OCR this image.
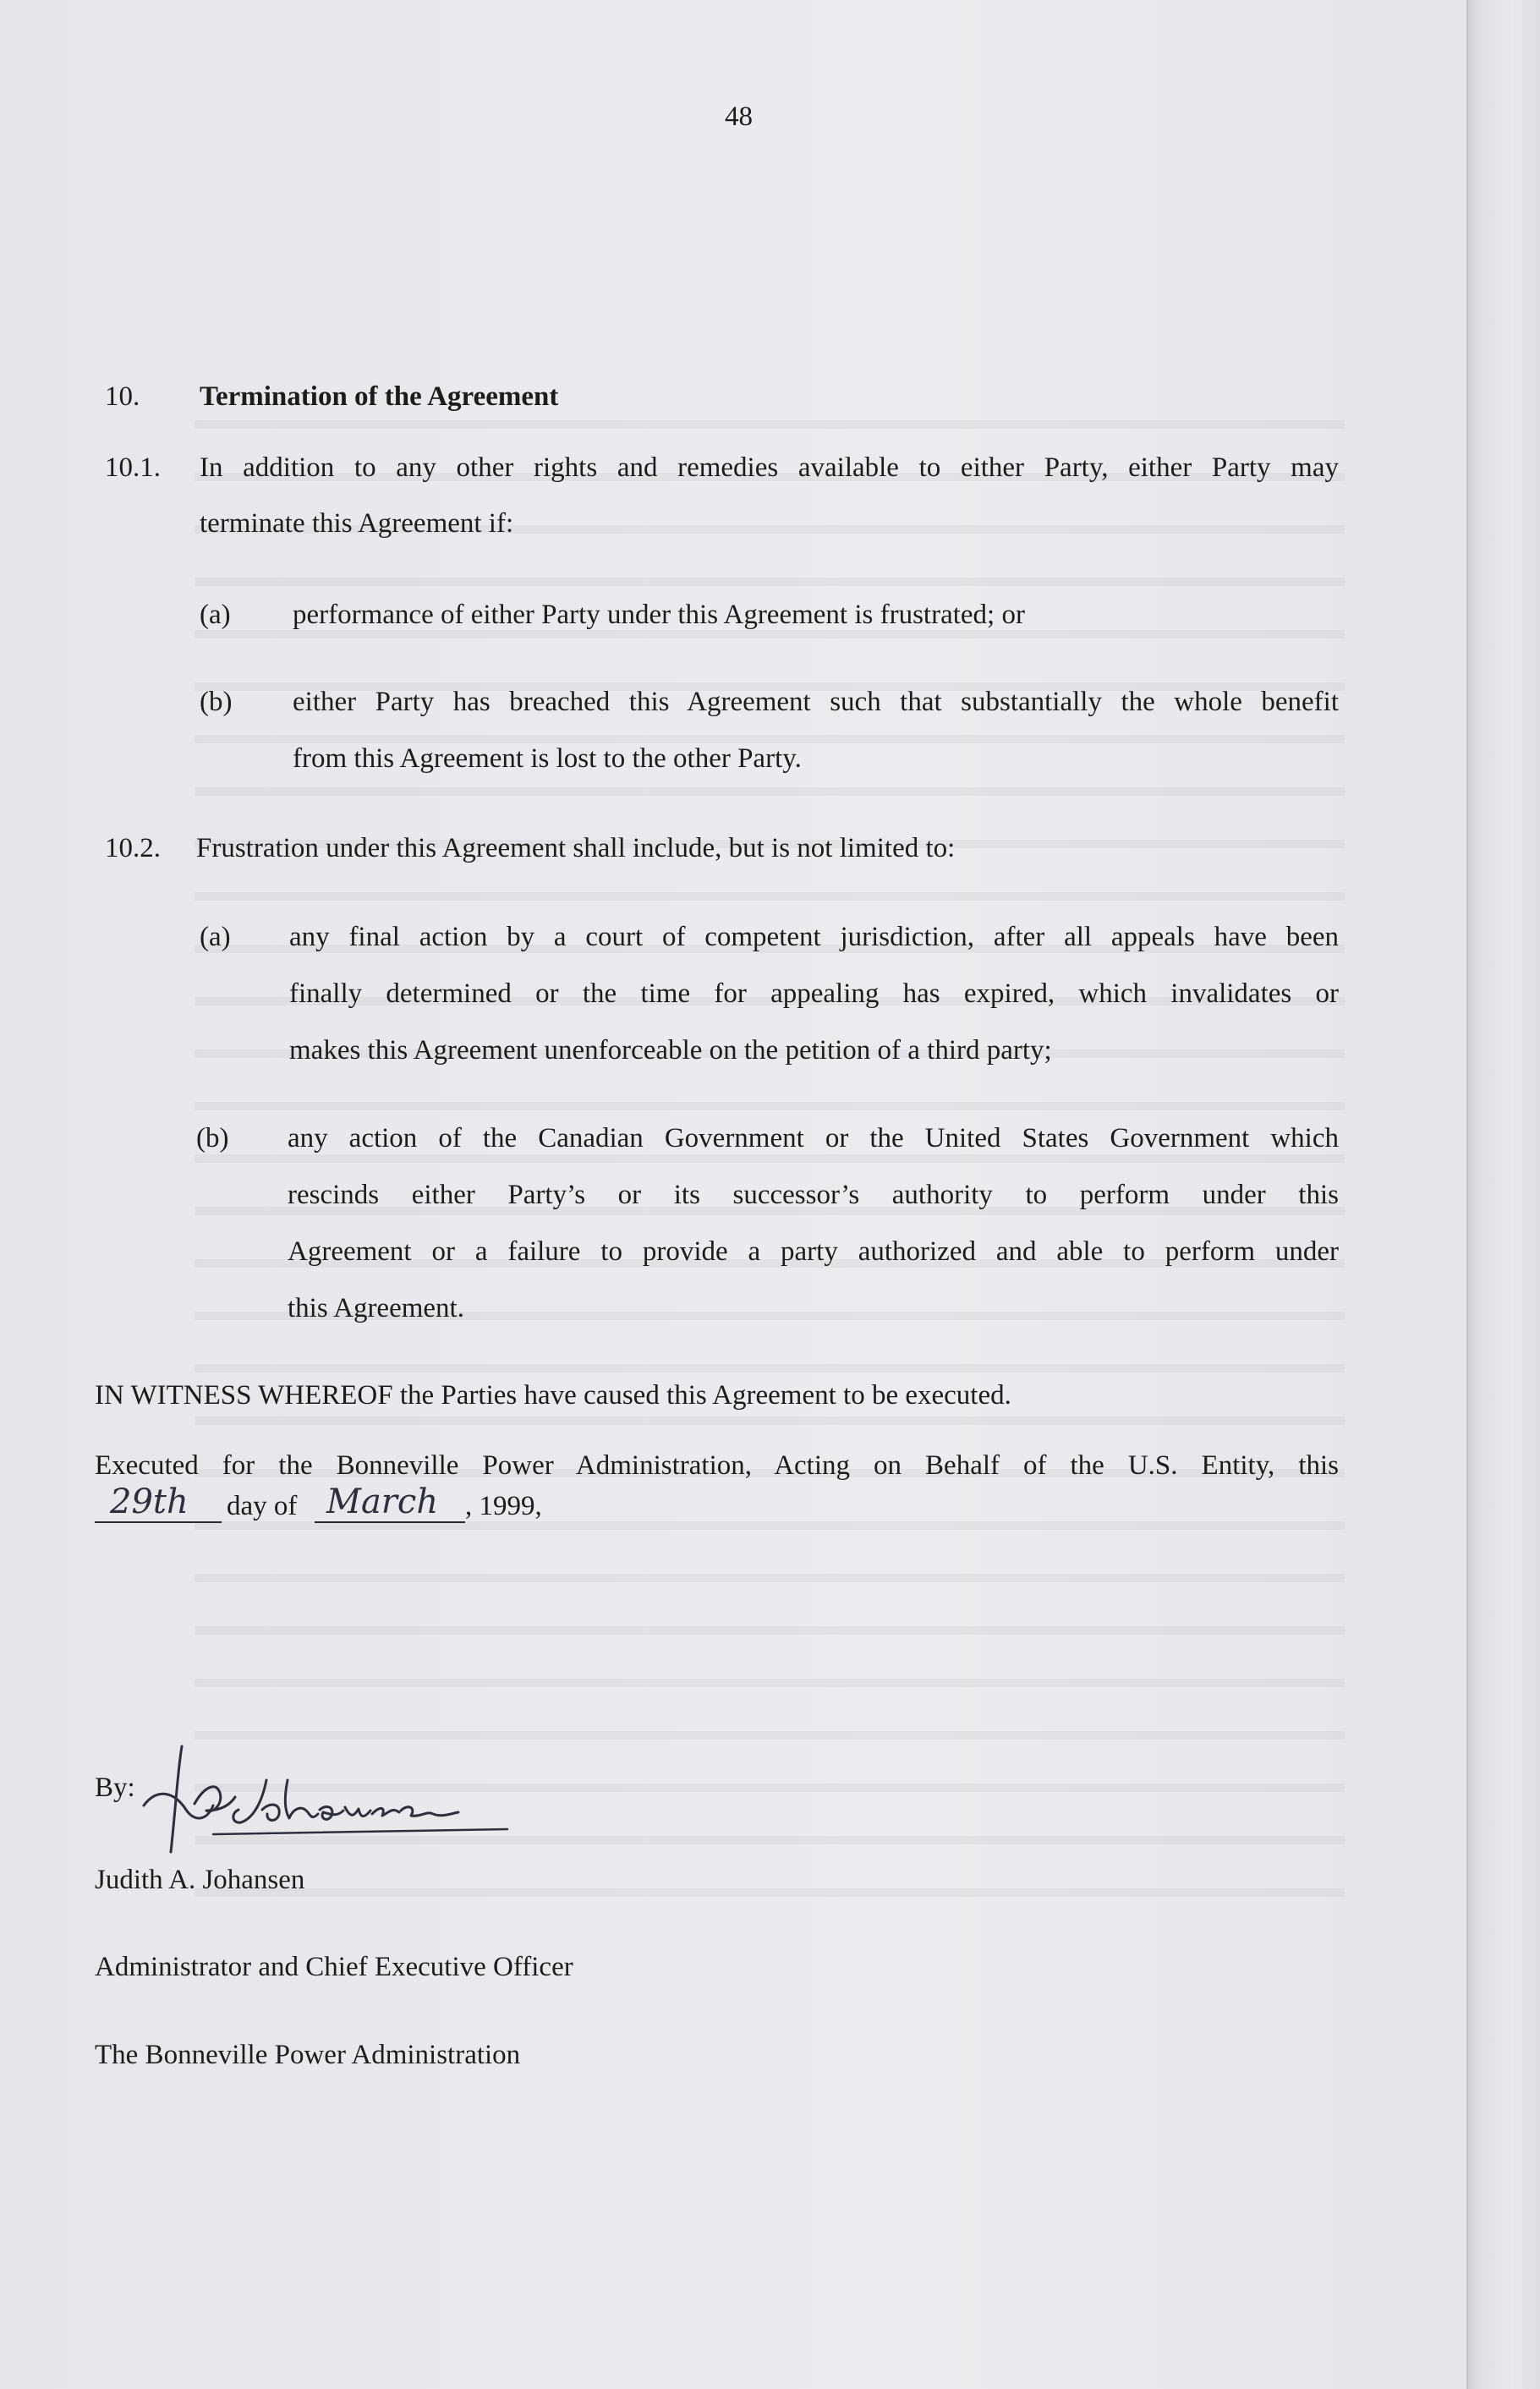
48
10. Termination of the Agreement
10.1. In addition to any other rights and remedies available to either Party, either Party may
terminate this Agreement if:
(a) performance of either Party under this Agreement is frustrated; or
(b) either Party has breached this Agreement such that substantially the whole benefit
from this Agreement is lost to the other Party.
10.2. Frustration under this Agreement shall include, but is not limited to:
(a) any final action by a court of competent jurisdiction, after all appeals have been
finally determined or the time for appealing has expired, which invalidates or
makes this Agreement unenforceable on the petition of a third party;
(b) any action of the Canadian Government or the United States Government which
rescinds either Party’s or its successor’s authority to perform under this
Agreement or a failure to provide a party authorized and able to perform under
this Agreement.
IN WITNESS WHEREOF the Parties have caused this Agreement to be executed.
Executed for the Bonneville Power Administration, Acting on Behalf of the U.S. Entity, this
29th day of March , 1999,
By:
Judith A. Johansen
Administrator and Chief Executive Officer
The Bonneville Power Administration
